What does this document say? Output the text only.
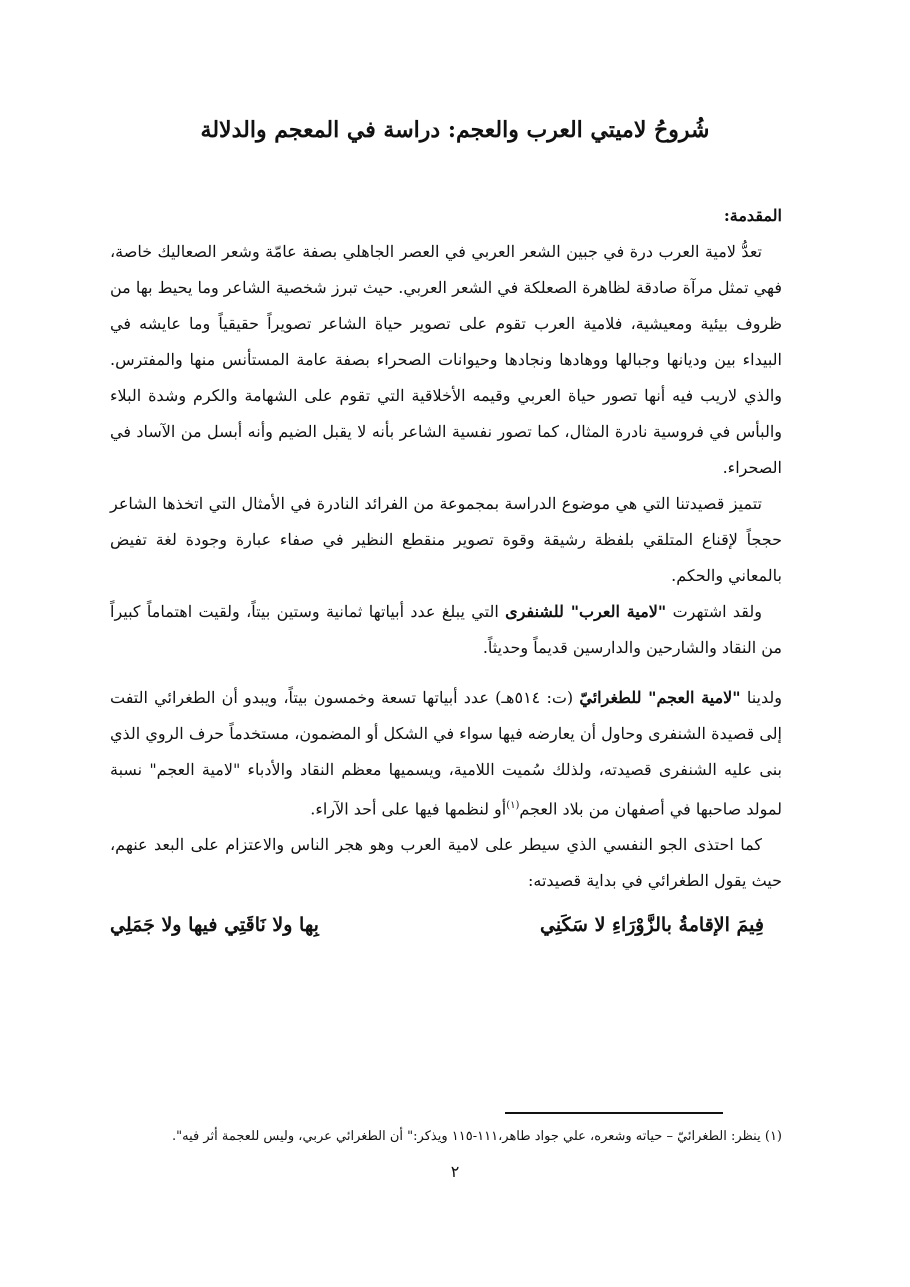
شُروحُ لاميتي العرب والعجم: دراسة في المعجم والدلالة
المقدمة:

تعدُّ لامية العرب درة في جبين الشعر العربي في العصر الجاهلي بصفة عامّة وشعر الصعاليك خاصة، فهي تمثل مرآة صادقة لظاهرة الصعلكة في الشعر العربي. حيث تبرز شخصية الشاعر وما يحيط بها من ظروف بيئية ومعيشية، فلامية العرب تقوم على تصوير حياة الشاعر تصويراً حقيقياً وما عايشه في البيداء بين وديانها وجبالها ووهادها ونجادها وحيوانات الصحراء بصفة عامة المستأنس منها والمفترس. والذي لاريب فيه أنها تصور حياة العربي وقيمه الأخلاقية التي تقوم على الشهامة والكرم وشدة البلاء والبأس في فروسية نادرة المثال، كما تصور نفسية الشاعر بأنه لا يقبل الضيم وأنه أبسل من الآساد في الصحراء.

تتميز قصيدتنا التي هي موضوع الدراسة بمجموعة من الفرائد النادرة في الأمثال التي اتخذها الشاعر حججاً لإقناع المتلقي بلفظة رشيقة وقوة تصوير منقطع النظير في صفاء عبارة وجودة لغة تفيض بالمعاني والحكم.

ولقد اشتهرت "لامية العرب" للشنفرى التي يبلغ عدد أبياتها ثمانية وستين بيتاً، ولقيت اهتماماً كبيراً من النقاد والشارحين والدارسين قديماً وحديثاً.

ولدينا "لامية العجم" للطغرائيّ (ت: ٥١٤هـ) عدد أبياتها تسعة وخمسون بيتاً، ويبدو أن الطغرائي التفت إلى قصيدة الشنفرى وحاول أن يعارضه فيها سواء في الشكل أو المضمون، مستخدماً حرف الروي الذي بنى عليه الشنفرى قصيدته، ولذلك سُميت اللامية، ويسميها معظم النقاد والأدباء "لامية العجم" نسبة لمولد صاحبها في أصفهان من بلاد العجم$^{(١)}$أو لنظمها فيها على أحد الآراء.

كما احتذى الجو النفسي الذي سيطر على لامية العرب وهو هجر الناس والاعتزام على البعد عنهم، حيث يقول الطغرائي في بداية قصيدته:

فِيمَ الإقامةُ بالزَّوْرَاءِ لا سَكَنِي
بِها ولا نَاقَتِي فيها ولا جَمَلِي
(١) ينظر: الطغرائيّ – حياته وشعره، علي جواد طاهر،١١١-١١٥ ويذكر:" أن الطغرائي عربي، وليس للعجمة أثر فيه".
٢
